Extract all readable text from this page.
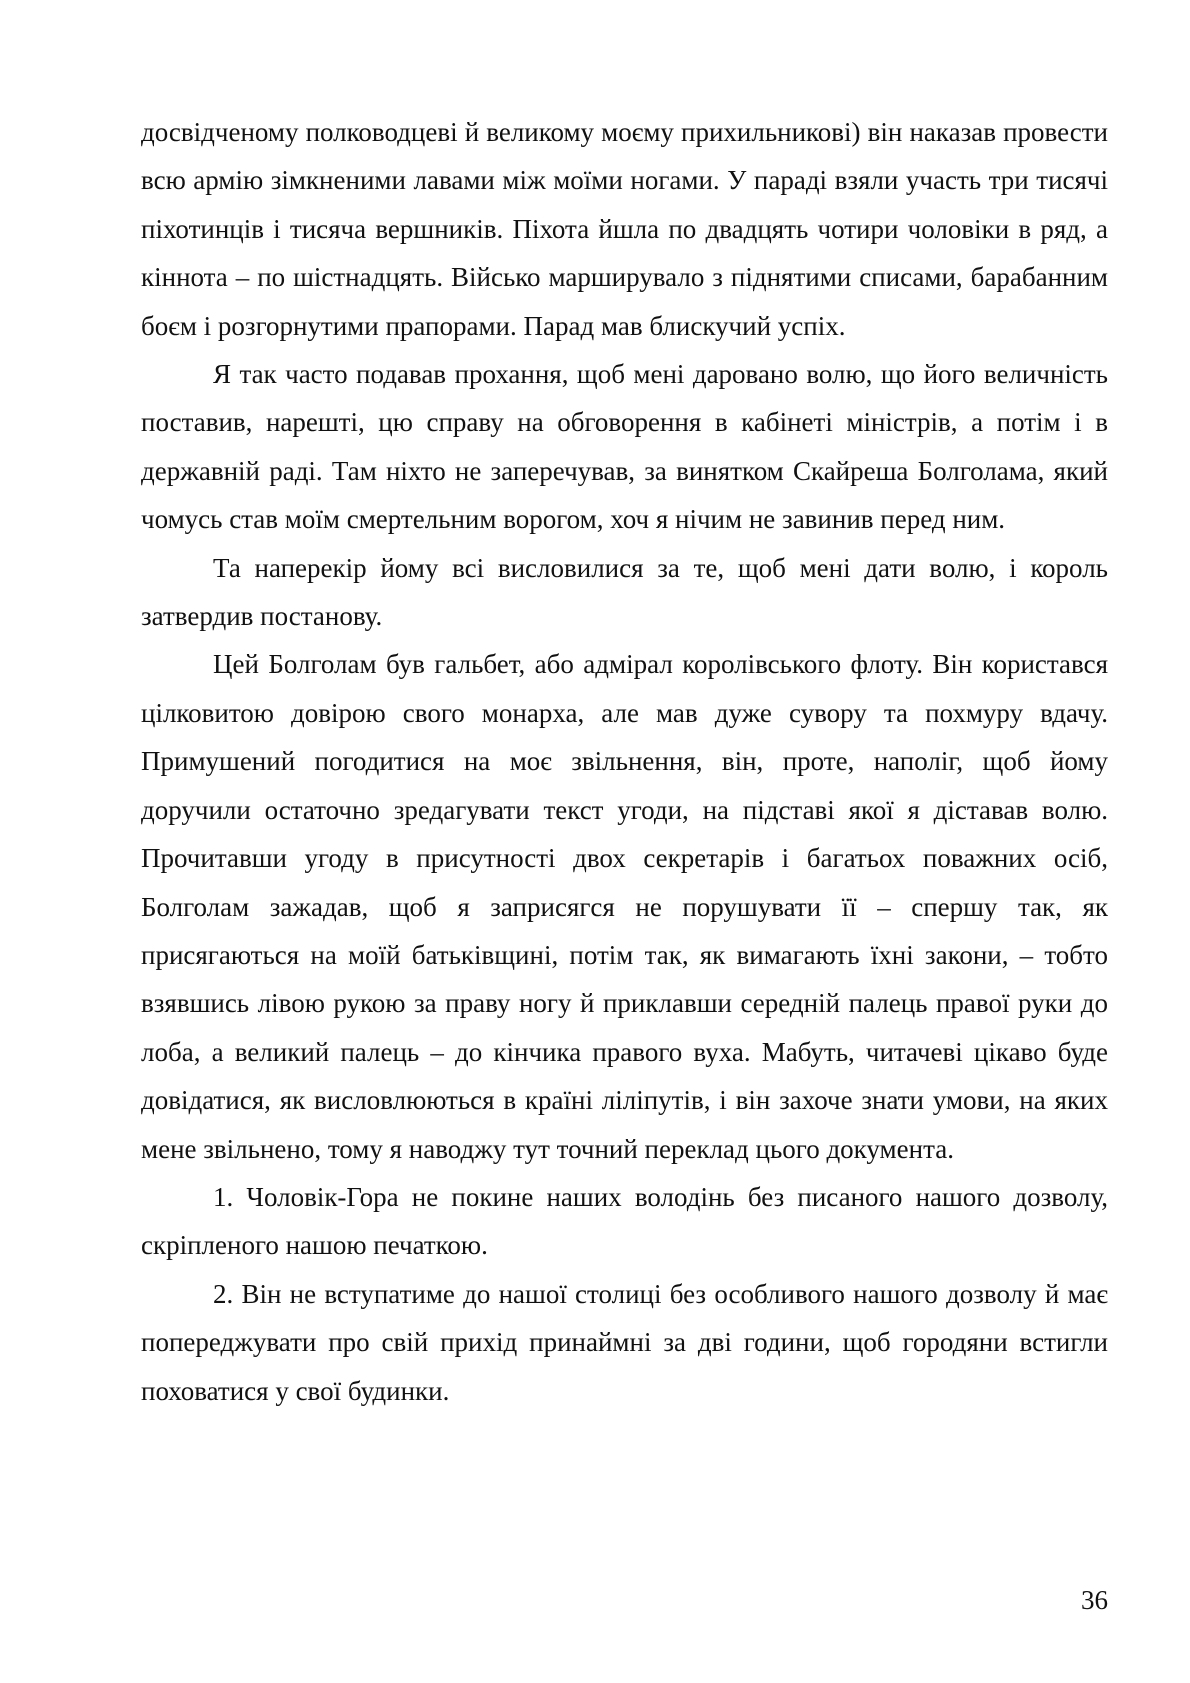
досвідченому полководцеві й великому моєму прихильникові) він наказав провести всю армію зімкненими лавами між моїми ногами. У параді взяли участь три тисячі піхотинців і тисяча вершників. Піхота йшла по двадцять чотири чоловіки в ряд, а кіннота – по шістнадцять. Військо марширувало з піднятими списами, барабанним боєм і розгорнутими прапорами. Парад мав блискучий успіх.

Я так часто подавав прохання, щоб мені даровано волю, що його величність поставив, нарешті, цю справу на обговорення в кабінеті міністрів, а потім і в державній раді. Там ніхто не заперечував, за винятком Скайреша Болголама, який чомусь став моїм смертельним ворогом, хоч я нічим не завинив перед ним.

Та наперекір йому всі висловилися за те, щоб мені дати волю, і король затвердив постанову.

Цей Болголам був гальбет, або адмірал королівського флоту. Він користався цілковитою довірою свого монарха, але мав дуже сувору та похмуру вдачу. Примушений погодитися на моє звільнення, він, проте, наполіг, щоб йому доручили остаточно зредагувати текст угоди, на підставі якої я діставав волю. Прочитавши угоду в присутності двох секретарів і багатьох поважних осіб, Болголам зажадав, щоб я заприсягся не порушувати її – спершу так, як присягаються на моїй батьківщині, потім так, як вимагають їхні закони, – тобто взявшись лівою рукою за праву ногу й приклавши середній палець правої руки до лоба, а великий палець – до кінчика правого вуха. Мабуть, читачеві цікаво буде довідатися, як висловлюються в країні ліліпутів, і він захоче знати умови, на яких мене звільнено, тому я наводжу тут точний переклад цього документа.

1. Чоловік-Гора не покине наших володінь без писаного нашого дозволу, скріпленого нашою печаткою.

2. Він не вступатиме до нашої столиці без особливого нашого дозволу й має попереджувати про свій прихід принаймні за дві години, щоб городяни встигли поховатися у свої будинки.

36
